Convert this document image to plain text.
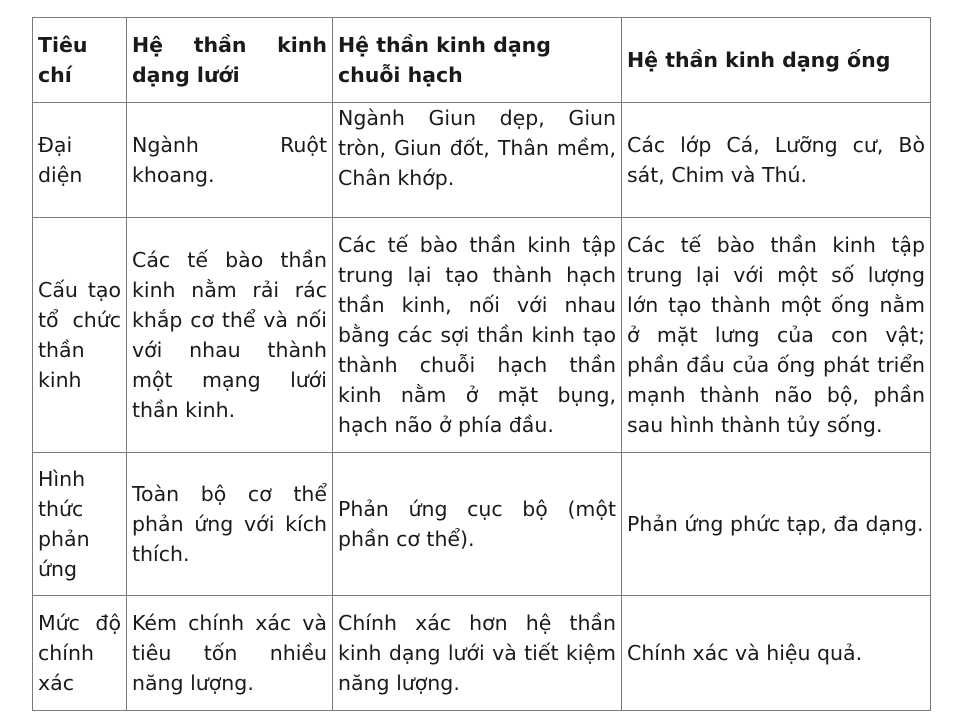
Tiêu chí	Hệ thần kinh dạng lưới	Hệ thần kinh dạng chuỗi hạch	Hệ thần kinh dạng ống
Đại diện	Ngành Ruột khoang.	Ngành Giun dẹp, Giun tròn, Giun đốt, Thân mềm, Chân khớp.	Các lớp Cá, Lưỡng cư, Bò sát, Chim và Thú.
Cấu tạo tổ chức thần kinh	Các tế bào thần kinh nằm rải rác khắp cơ thể và nối với nhau thành một mạng lưới thần kinh.	Các tế bào thần kinh tập trung lại tạo thành hạch thần kinh, nối với nhau bằng các sợi thần kinh tạo thành chuỗi hạch thần kinh nằm ở mặt bụng, hạch não ở phía đầu.	Các tế bào thần kinh tập trung lại với một số lượng lớn tạo thành một ống nằm ở mặt lưng của con vật; phần đầu của ống phát triển mạnh thành não bộ, phần sau hình thành tủy sống.
Hình thức phản ứng	Toàn bộ cơ thể phản ứng với kích thích.	Phản ứng cục bộ (một phần cơ thể).	Phản ứng phức tạp, đa dạng.
Mức độ chính xác	Kém chính xác và tiêu tốn nhiều năng lượng.	Chính xác hơn hệ thần kinh dạng lưới và tiết kiệm năng lượng.	Chính xác và hiệu quả.
